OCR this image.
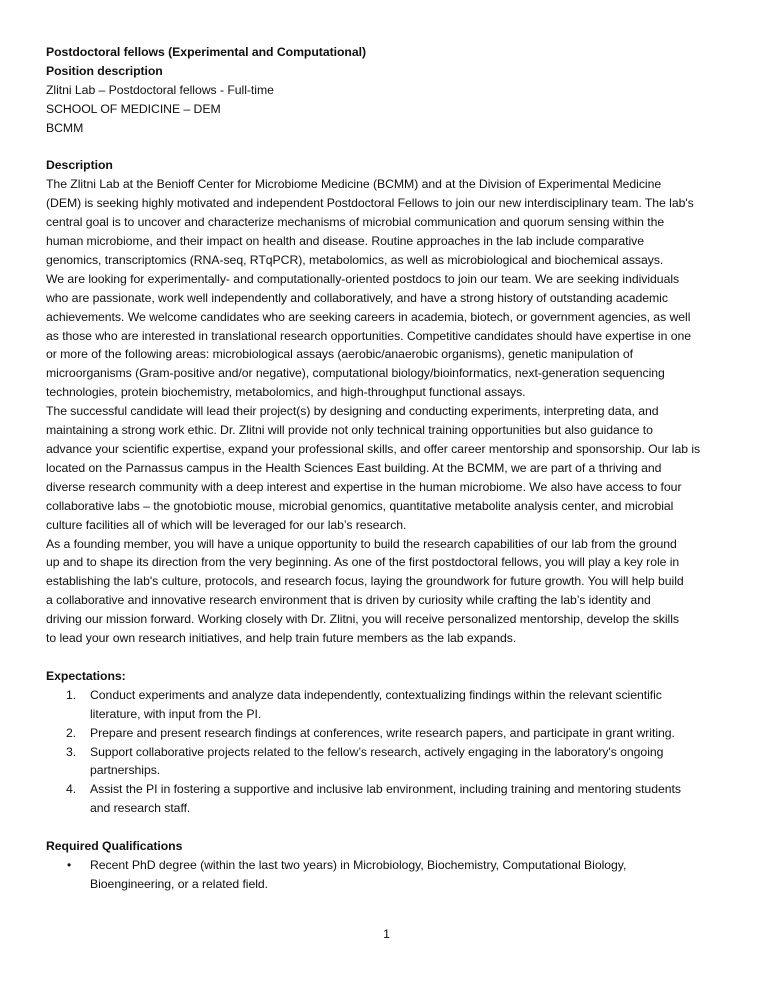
Postdoctoral fellows (Experimental and Computational)
Position description
Zlitni Lab – Postdoctoral fellows - Full-time
SCHOOL OF MEDICINE – DEM
BCMM
Description
The Zlitni Lab at the Benioff Center for Microbiome Medicine (BCMM) and at the Division of Experimental Medicine
(DEM) is seeking highly motivated and independent Postdoctoral Fellows to join our new interdisciplinary team. The lab's
central goal is to uncover and characterize mechanisms of microbial communication and quorum sensing within the
human microbiome, and their impact on health and disease. Routine approaches in the lab include comparative
genomics, transcriptomics (RNA-seq, RTqPCR), metabolomics, as well as microbiological and biochemical assays.
We are looking for experimentally- and computationally-oriented postdocs to join our team. We are seeking individuals
who are passionate, work well independently and collaboratively, and have a strong history of outstanding academic
achievements. We welcome candidates who are seeking careers in academia, biotech, or government agencies, as well
as those who are interested in translational research opportunities. Competitive candidates should have expertise in one
or more of the following areas: microbiological assays (aerobic/anaerobic organisms), genetic manipulation of
microorganisms (Gram-positive and/or negative), computational biology/bioinformatics, next-generation sequencing
technologies, protein biochemistry, metabolomics, and high-throughput functional assays.
The successful candidate will lead their project(s) by designing and conducting experiments, interpreting data, and
maintaining a strong work ethic. Dr. Zlitni will provide not only technical training opportunities but also guidance to
advance your scientific expertise, expand your professional skills, and offer career mentorship and sponsorship. Our lab is
located on the Parnassus campus in the Health Sciences East building. At the BCMM, we are part of a thriving and
diverse research community with a deep interest and expertise in the human microbiome. We also have access to four
collaborative labs – the gnotobiotic mouse, microbial genomics, quantitative metabolite analysis center, and microbial
culture facilities all of which will be leveraged for our lab’s research.
As a founding member, you will have a unique opportunity to build the research capabilities of our lab from the ground
up and to shape its direction from the very beginning. As one of the first postdoctoral fellows, you will play a key role in
establishing the lab's culture, protocols, and research focus, laying the groundwork for future growth. You will help build
a collaborative and innovative research environment that is driven by curiosity while crafting the lab’s identity and
driving our mission forward. Working closely with Dr. Zlitni, you will receive personalized mentorship, develop the skills
to lead your own research initiatives, and help train future members as the lab expands.
Expectations:
1. Conduct experiments and analyze data independently, contextualizing findings within the relevant scientific
literature, with input from the PI.
2. Prepare and present research findings at conferences, write research papers, and participate in grant writing.
3. Support collaborative projects related to the fellow’s research, actively engaging in the laboratory's ongoing
partnerships.
4. Assist the PI in fostering a supportive and inclusive lab environment, including training and mentoring students
and research staff.
Required Qualifications
• Recent PhD degree (within the last two years) in Microbiology, Biochemistry, Computational Biology,
Bioengineering, or a related field.
1
